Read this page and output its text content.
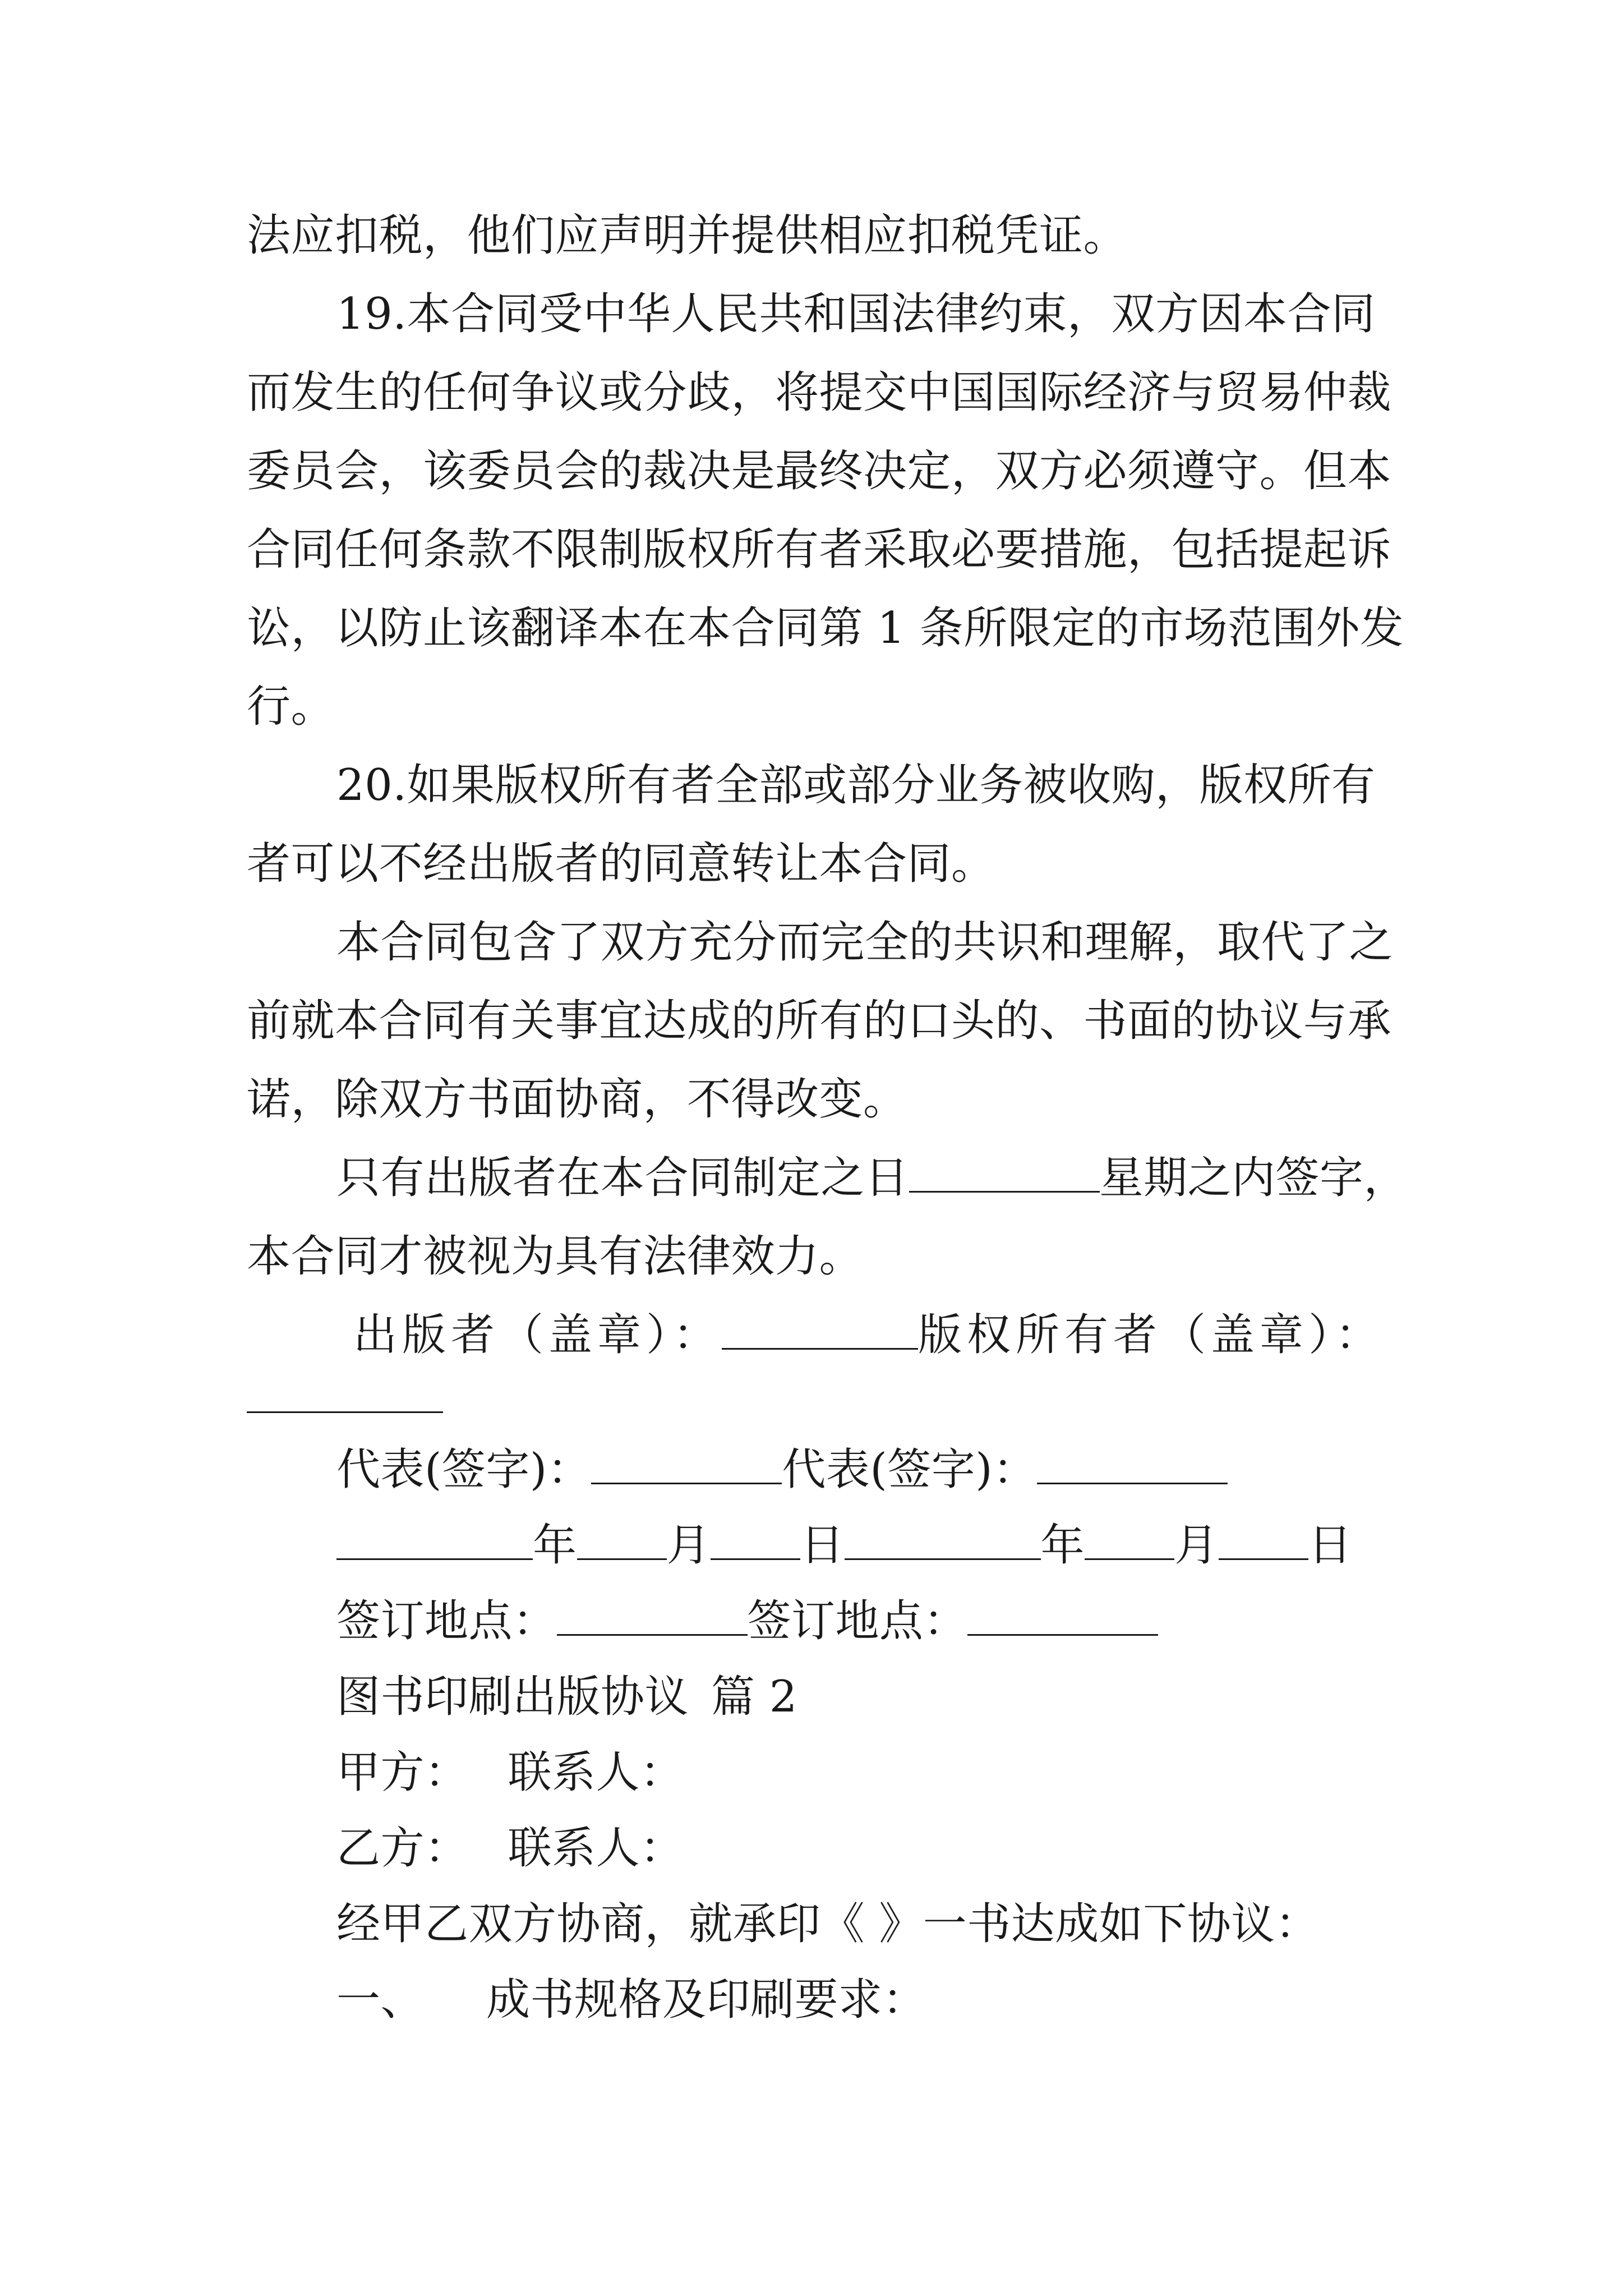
法应扣税，他们应声明并提供相应扣税凭证。

19.本合同受中华人民共和国法律约束，双方因本合同

而发生的任何争议或分歧，将提交中国国际经济与贸易仲裁

委员会，该委员会的裁决是最终决定，双方必须遵守。但本

合同任何条款不限制版权所有者采取必要措施，包括提起诉

讼，以防止该翻译本在本合同第 1 条所限定的市场范围外发

行。

20.如果版权所有者全部或部分业务被收购，版权所有

者可以不经出版者的同意转让本合同。

本合同包含了双方充分而完全的共识和理解，取代了之

前就本合同有关事宜达成的所有的口头的、书面的协议与承

诺，除双方书面协商，不得改变。

只有出版者在本合同制定之日	星期之内签字，

本合同才被视为具有法律效力。

出版者（盖章）：	版权所有者（盖章）：

代表(签字)：	代表(签字)：

年 月 日	年 月 日

签订地点：	签订地点：

图书印刷出版协议 篇 2

甲方： 联系人：

乙方： 联系人：

经甲乙双方协商，就承印《 》一书达成如下协议：

一、 成书规格及印刷要求：
